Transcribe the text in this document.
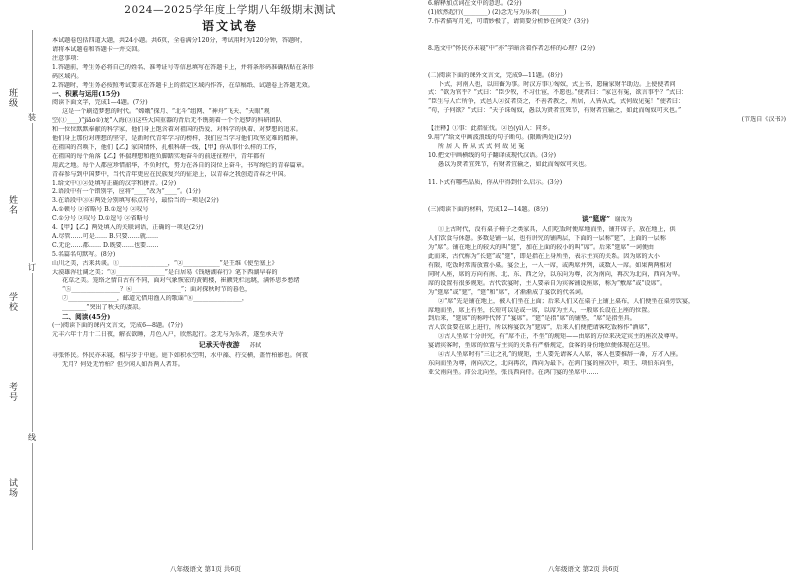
班级
姓名
学校
考号
试场
装
订
线

2024—2025学年度上学期八年级期末测试

语文试卷

本试题卷包括四道大题，共24小题。共6页，全卷满分120分，考试用时为120分钟，答题时，

请将本试题卷和答题卡一并交回。

注意事项：

1.答题前，考生务必将自己的姓名、准考证号等信息填写在答题卡上，并将条形码准确粘贴在条形

码区域内。

2.答题时，考生务必按照考试要求在答题卡上的指定区域内作答，在草稿纸、试题卷上答题无效。

一、积累与运用(15分)

阅读下面文字，完成1—4题。(7分)

这是一个刷造梦想的时代。“嫦娥”探月、“北斗”组网、“神舟”飞天、“天眼”观

空(①____)“jiāo①)龙”入海(③)这些大国重器的背后无不镌刻着一个个追梦的科研团队

和一位位默默奉献的科学家，他们身上饱含着对祖国的热爱、对科学的执着、对梦想的追求。

他们身上那份对理想的坚守，是新时代青年学习的榜样，我们应当学习他们攻坚克难的精神。

在祖国的召唤下，他们【乙】家国情怀，扎根科研一线，【甲】你从事什么样的工作，

在祖国的每个角落【乙】怀揣理想和抱负脚踏实地奋斗的前进征程中，青年都有

用武之地。每个人都应珍惜韶华，不负时代，努力在各自的岗位上奋斗，书写绚烂的青春篇章。

青春参与到中国梦中，当代青年更应在民族复兴的征途上，以青春之我创造青春之中国。

1.给文中①②处填写正确的汉字和拼音。(2分)

2.语段中有一个错别字，应将“____”改为“____”。(1分)

3.在语段中③④两处分别填写标点符号，最恰当的一项是(2分)

A.①顿号 ②省略号 B.①逗号 ②叹号

C.①分号 ②叹号 D.①逗号 ②省略号

4.【甲】【乙】两处填入的关联词语，正确的一项是(2分)

A.尽管……可是…… B.只要……就……

C.无论……都…… D.既要……也要……

5.名篇名句默写。(8分)

山川之美，古来共谈。①________________，“②____________”是王维《使至塞上》

大漠雄浑壮阔之美；“③________________”是白居易《钱塘湖春行》笔下西湖早春的

花草之美。笼络之情自古有不同，面对气象恢宏的黄鹤楼，崔颢凭栏远眺，满怀思乡愁绪

“⑤________________？⑥________________”；面对探秋时节的暮色，

⑦________________，邮道元借用渔人的歌谣“⑧________________，

________”突出了秋天的凄凉。

二、阅读(45分)

(一)阅读下面的课内文言文，完成6—8题。(7分)

元丰六年十月十二日夜，解衣欲睡，月色入户，欣然起行。念无与为乐者，遂至承天寺

记承天寺夜游 苏轼

寻张怀民。怀民亦未寝，相与步于中庭。庭下如积水空明，水中藻、荇交横，盖竹柏影也。何夜

无月？何处无竹柏？但少闲人如吾两人者耳。

6.解释加点词在文中的意思。(2分)

(1)欣然起行(________) (2)念无与为乐者(________)

7.作者描写月光，可谓妙极了，请简要分析妙在何处？(3分)

8.选文中“怀民亦未寝”中“亦”字暗含着作者怎样的心理？(2分)

(二)阅读下面的课外文言文，完成9—11题。(8分)

卜式，河南人也，以田畜为事。时汉方事①匈奴，式上书，愿输家财半助边。上使使者问

式：“欲为官乎？”式曰：“臣少牧，不习仕宦，不愿也。”使者曰：“家岂有冤，欲言事乎？”式曰：

“臣生与人亡所争，式邑人②贫者贷之，不善者教之，所居，人皆从式，式何故见冤！”使者曰：

“苟，子何欲？”式曰：“天子诛匈奴，愚以为贤者宜死节，有财者宜输之，如此而匈奴可灭也。”

(节选自《汉书》)

【注释】①事：此指征伐。②邑(yì)人：同乡。

9.用“/”给文中画波浪线的句子断句。(限断两处)(2分)

所 居 人 皆 从 式 式 何 故 见 冤

10.把文中画横线的句子翻译成现代汉语。(3分)

愚以为贤者宜死节，有财者宜输之，如此而匈奴可灭也。

11.卜式有哪些品质，你从中得到什么启示。(3分)

(三)阅读下面的材料，完成12—14题。(8分)

谈“筵席” 谢汝为

①上古时代，没有桌子椅子之类家具，人们吃饭时便席地而坐，铺开席子，放在地上，供

人们饮食与休憩。多数是铺一层，也有讲究的铺两层，下面的一层称“筵”，上面的一层称

为“席”。铺在地上的较大的叫“筵”，加在上面的较小的叫“席”。后来“筵席”一词便由

此而来，古代称为“长筵”或“筵”，即是指在上身所坐，表示主宾的关系。因为席的大小

有限，吃饭时常需放置小桌。宴会上，一人一席，或两席并列，或数人一席。如果两两相对

同时入座，席的方向有南、北、东、西之分，以东向为尊，次为南向，再次为北向，西向为卑。

席的设置有很多规矩。古代饮宴时，主人要亲自为宾客铺设座席，称为“敷席”或“设席”。

为“筵席”或“筵”，“筵”和“席”，才渐渐成了宴饮的代名词。

②“席”先是铺在地上，被人们坐在上面；后来人们又在桌子上铺上桌布，人们便坐在桌旁饮宴，

席地而坐，席上有坐，长短可以是或一席，以席为主人，一般席长设在上座的位置。

到后来，“筵席”的称呼代替了“宴席”。“筵”是指“席”的铺垫，“席”是指坐具。

古人饮食要在席上进行，所以称宴饮为“筵席”，后来人们便把请客吃饭称作“酒席”，

③古人坐席十分讲究，有“席不正，不坐”的规矩——由席的方位来决定宾主的座次及尊卑。

宴请宾客时，坐席的位置与主宾的关系有严格规定，食客的身份地位便体现在这里。

④古人坐席时有“三让之礼”的规矩，主人要先请客人入席，客人也要推辞一番，方才入座。

东向而坐为尊，南向次之，北向再次，西向为最下。在鸿门宴的座次中，项王、项伯东向坐，

亚父南向坐。沛公北向坐，张良西向侍。在鸿门宴的坐席中……

八年级语文 第1页 共6页	八年级语文 第2页 共6页
